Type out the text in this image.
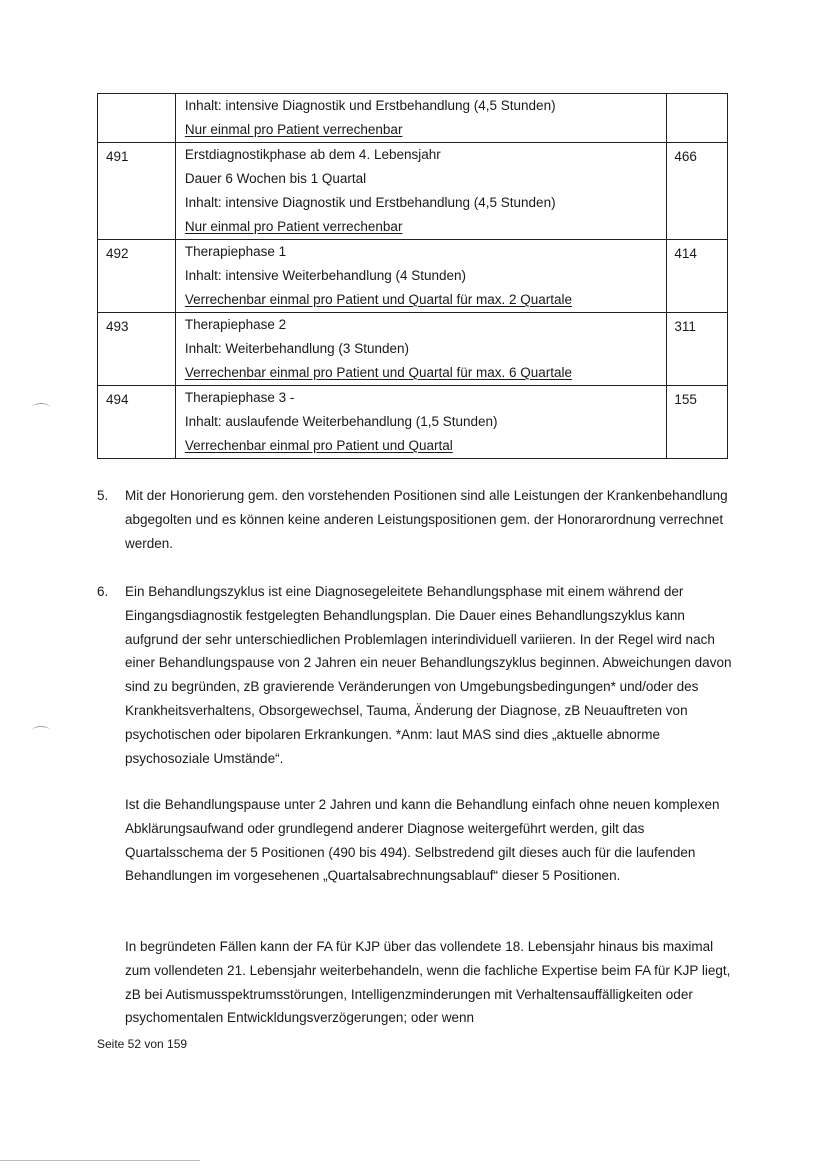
	Inhalt: intensive Diagnostik und Erstbehandlung (4,5 Stunden)
Nur einmal pro Patient verrechenbar	

491	Erstdiagnostikphase ab dem 4. Lebensjahr
Dauer 6 Wochen bis 1 Quartal
Inhalt: intensive Diagnostik und Erstbehandlung (4,5 Stunden)
Nur einmal pro Patient verrechenbar	466
492	Therapiephase 1
Inhalt: intensive Weiterbehandlung (4 Stunden)
Verrechenbar einmal pro Patient und Quartal für max. 2 Quartale	414
493	Therapiephase 2
Inhalt: Weiterbehandlung (3 Stunden)
Verrechenbar einmal pro Patient und Quartal für max. 6 Quartale	311
494	Therapiephase 3 -
Inhalt: auslaufende Weiterbehandlung (1,5 Stunden)
Verrechenbar einmal pro Patient und Quartal	155
5. Mit der Honorierung gem. den vorstehenden Positionen sind alle Leistungen der Krankenbehandlung abgegolten und es können keine anderen Leistungspositionen gem. der Honorarordnung verrechnet werden.

6. Ein Behandlungszyklus ist eine Diagnosegeleitete Behandlungsphase mit einem während der Eingangsdiagnostik festgelegten Behandlungsplan. Die Dauer eines Behandlungszyklus kann aufgrund der sehr unterschiedlichen Problemlagen interindividuell variieren. In der Regel wird nach einer Behandlungspause von 2 Jahren ein neuer Behandlungszyklus beginnen. Abweichungen davon sind zu begründen, zB gravierende Veränderungen von Umgebungsbedingungen* und/oder des Krankheitsverhaltens, Obsorgewechsel, Tauma, Änderung der Diagnose, zB Neuauftreten von psychotischen oder bipolaren Erkrankungen. *Anm: laut MAS sind dies „aktuelle abnorme psychosoziale Umstände“.

Ist die Behandlungspause unter 2 Jahren und kann die Behandlung einfach ohne neuen komplexen Abklärungsaufwand oder grundlegend anderer Diagnose weitergeführt werden, gilt das Quartalsschema der 5 Positionen (490 bis 494). Selbstredend gilt dieses auch für die laufenden Behandlungen im vorgesehenen „Quartalsabrechnungsablauf“ dieser 5 Positionen.

In begründeten Fällen kann der FA für KJP über das vollendete 18. Lebensjahr hinaus bis maximal zum vollendeten 21. Lebensjahr weiterbehandeln, wenn die fachliche Expertise beim FA für KJP liegt, zB bei Autismusspektrumsstörungen, Intelligenzminderungen mit Verhaltensauffälligkeiten oder psychomentalen Entwickldungsverzögerungen; oder wenn

Seite 52 von 159
